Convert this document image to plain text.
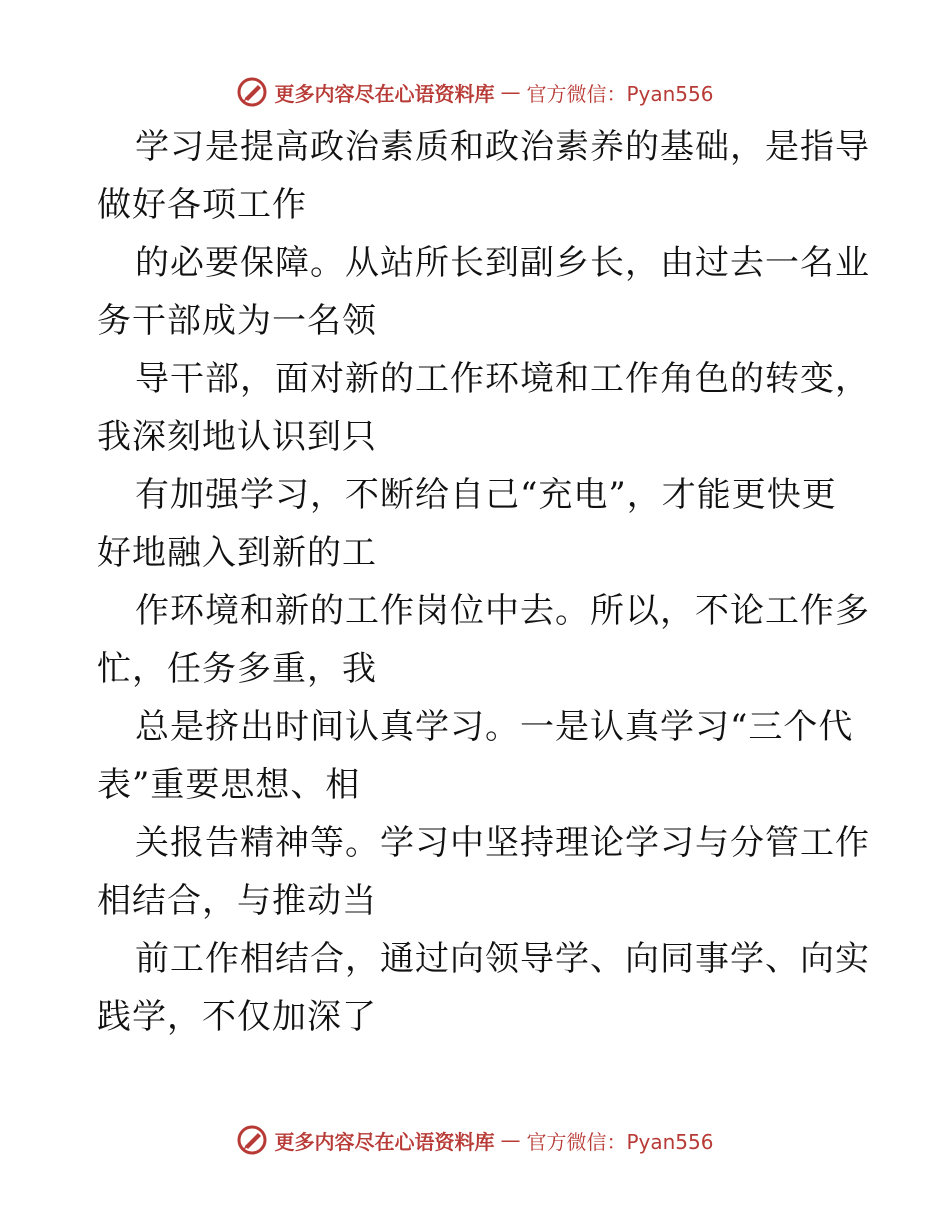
更多内容尽在心语资料库 — 官方微信：Pyan556

学习是提高政治素质和政治素养的基础，是指导
做好各项工作

的必要保障。从站所长到副乡长，由过去一名业
务干部成为一名领

导干部，面对新的工作环境和工作角色的转变，
我深刻地认识到只

有加强学习，不断给自己“充电”，才能更快更
好地融入到新的工

作环境和新的工作岗位中去。所以，不论工作多
忙，任务多重，我

总是挤出时间认真学习。一是认真学习“三个代
表”重要思想、相

关报告精神等。学习中坚持理论学习与分管工作
相结合，与推动当

前工作相结合，通过向领导学、向同事学、向实
践学，不仅加深了

更多内容尽在心语资料库 — 官方微信：Pyan556
